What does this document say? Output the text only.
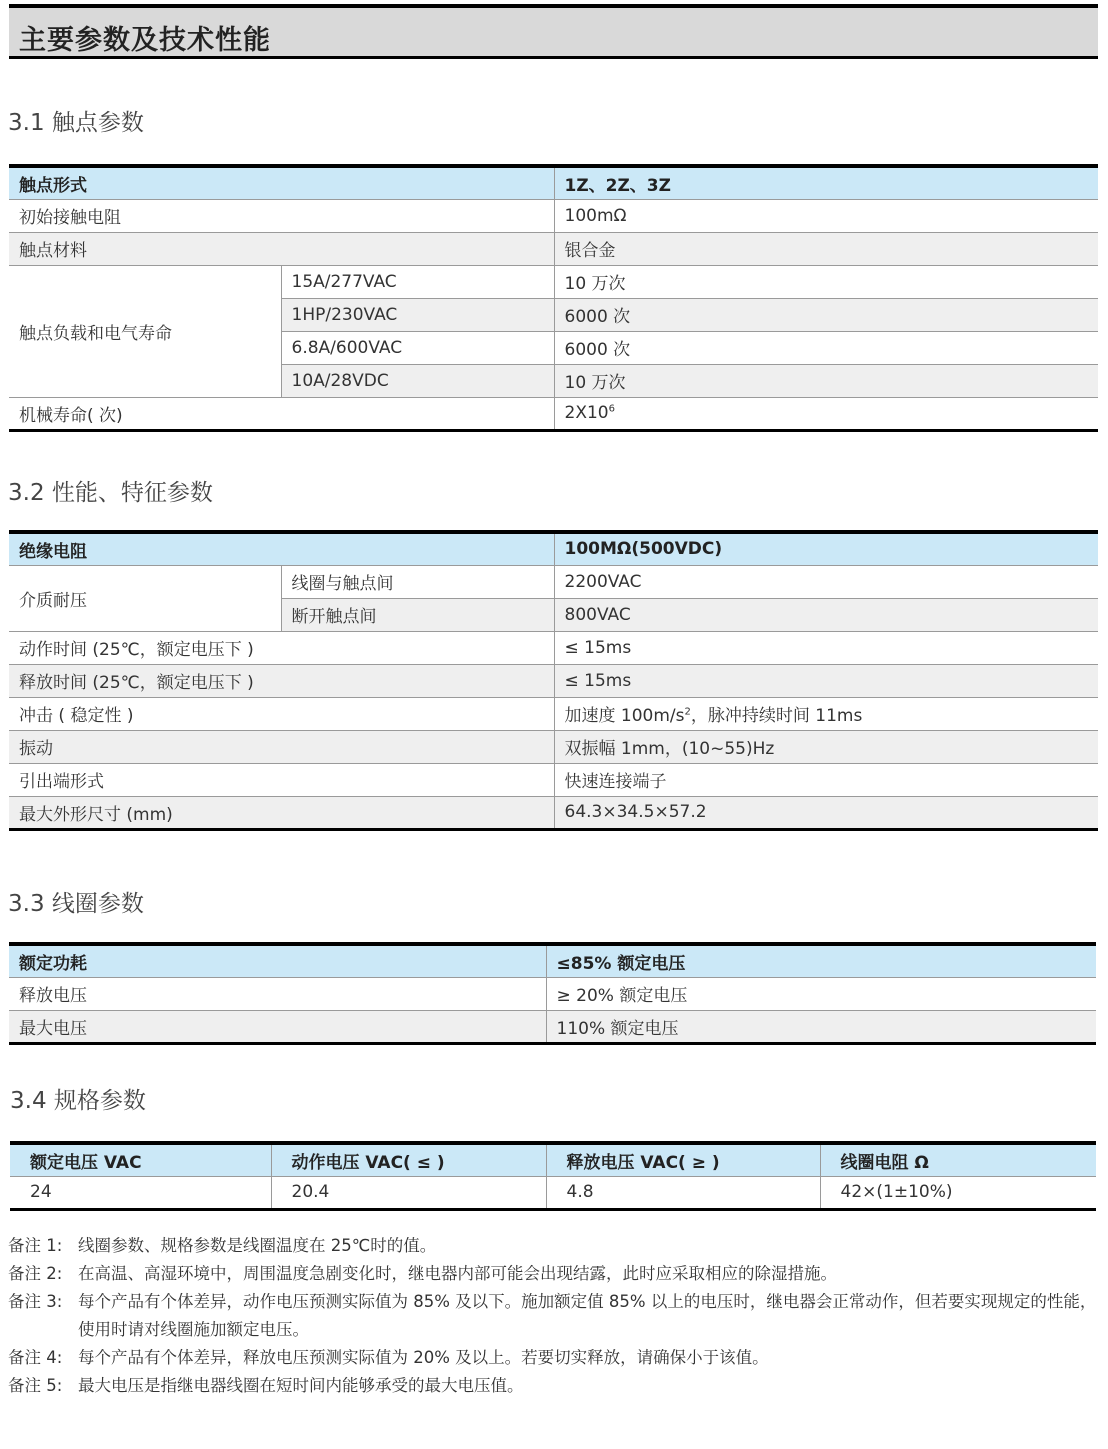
主要参数及技术性能
3.1 触点参数
触点形式		1Z、2Z、3Z
初始接触电阻		100mΩ
触点材料		银合金
触点负载和电气寿命	15A/277VAC	10 万次
	1HP/230VAC	6000 次
	6.8A/600VAC	6000 次
	10A/28VDC	10 万次
机械寿命( 次)		$2X10^6$
3.2 性能、特征参数
绝缘电阻		100MΩ(500VDC)
介质耐压	线圈与触点间	2200VAC
	断开触点间	800VAC
动作时间 (25℃，额定电压下 )		≤ 15ms
释放时间 (25℃，额定电压下 )		≤ 15ms
冲击 ( 稳定性 )		加速度 $100m/s^2$，脉冲持续时间 11ms
振动		双振幅 1mm，(10~55)Hz
引出端形式		快速连接端子
最大外形尺寸 (mm)		64.3×34.5×57.2
3.3 线圈参数
额定功耗	≤85% 额定电压
释放电压	≥ 20% 额定电压
最大电压	110% 额定电压
3.4 规格参数
额定电压 VAC	动作电压 VAC( ≤ )	释放电压 VAC( ≥ )	线圈电阻 Ω
24	20.4	4.8	42×(1±10%)
备注 1: 线圈参数、规格参数是线圈温度在 25℃时的值。
备注 2: 在高温、高湿环境中，周围温度急剧变化时，继电器内部可能会出现结露，此时应采取相应的除湿措施。
备注 3: 每个产品有个体差异，动作电压预测实际值为 85% 及以下。施加额定值 85% 以上的电压时，继电器会正常动作，但若要实现规定的性能，使用时请对线圈施加额定电压。
备注 4: 每个产品有个体差异，释放电压预测实际值为 20% 及以上。若要切实释放，请确保小于该值。
备注 5: 最大电压是指继电器线圈在短时间内能够承受的最大电压值。
